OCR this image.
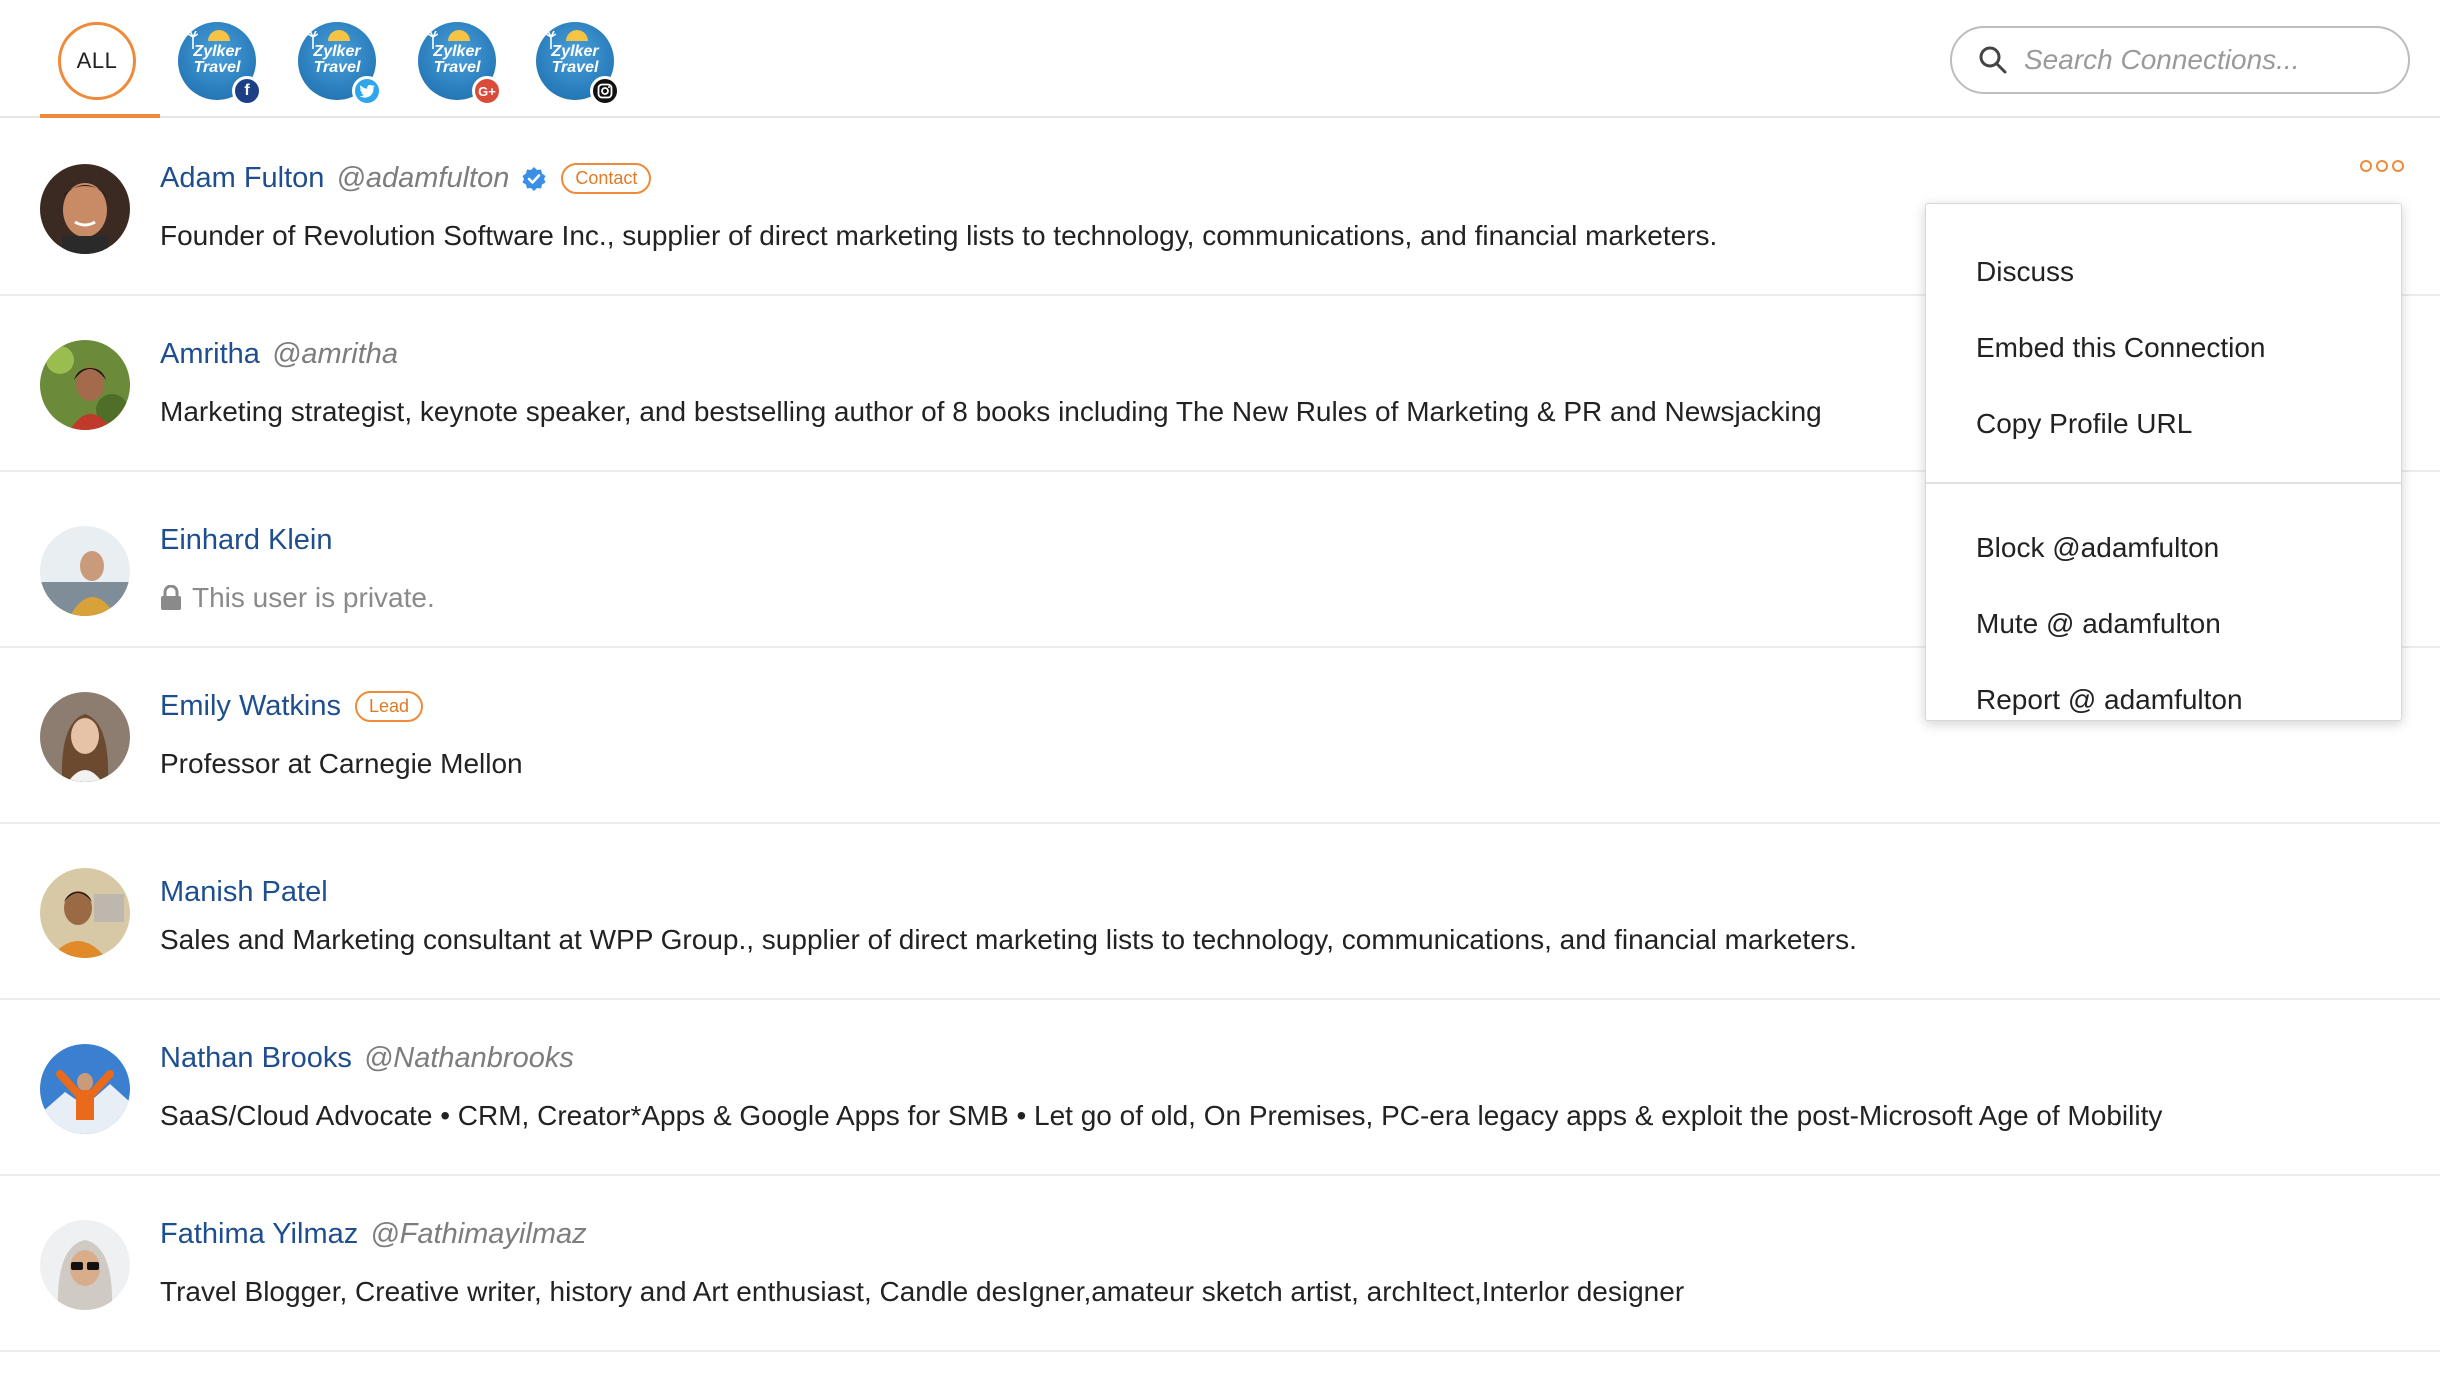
ALL	Zylker Travel
f
Zylker Travel
Zylker Travel
G+
Zylker Travel
Search Connections...
Adam Fulton @adamfulton	Contact
Founder of Revolution Software Inc., supplier of direct marketing lists to technology, communications, and financial marketers.
Amritha @amritha
Marketing strategist, keynote speaker, and bestselling author of 8 books including The New Rules of Marketing & PR and Newsjacking
Einhard Klein
This user is private.
Emily Watkins	Lead
Professor at Carnegie Mellon
Manish Patel
Sales and Marketing consultant at WPP Group., supplier of direct marketing lists to technology, communications, and financial marketers.
Nathan Brooks @Nathanbrooks
SaaS/Cloud Advocate • CRM, Creator*Apps & Google Apps for SMB • Let go of old, On Premises, PC-era legacy apps & exploit the post-Microsoft Age of Mobility
Fathima Yilmaz @Fathimayilmaz
Travel Blogger, Creative writer, history and Art enthusiast, Candle desIgner,amateur sketch artist, archItect,Interlor designer
Discuss
Embed this Connection
Copy Profile URL
Block @adamfulton
Mute @ adamfulton
Report @ adamfulton
